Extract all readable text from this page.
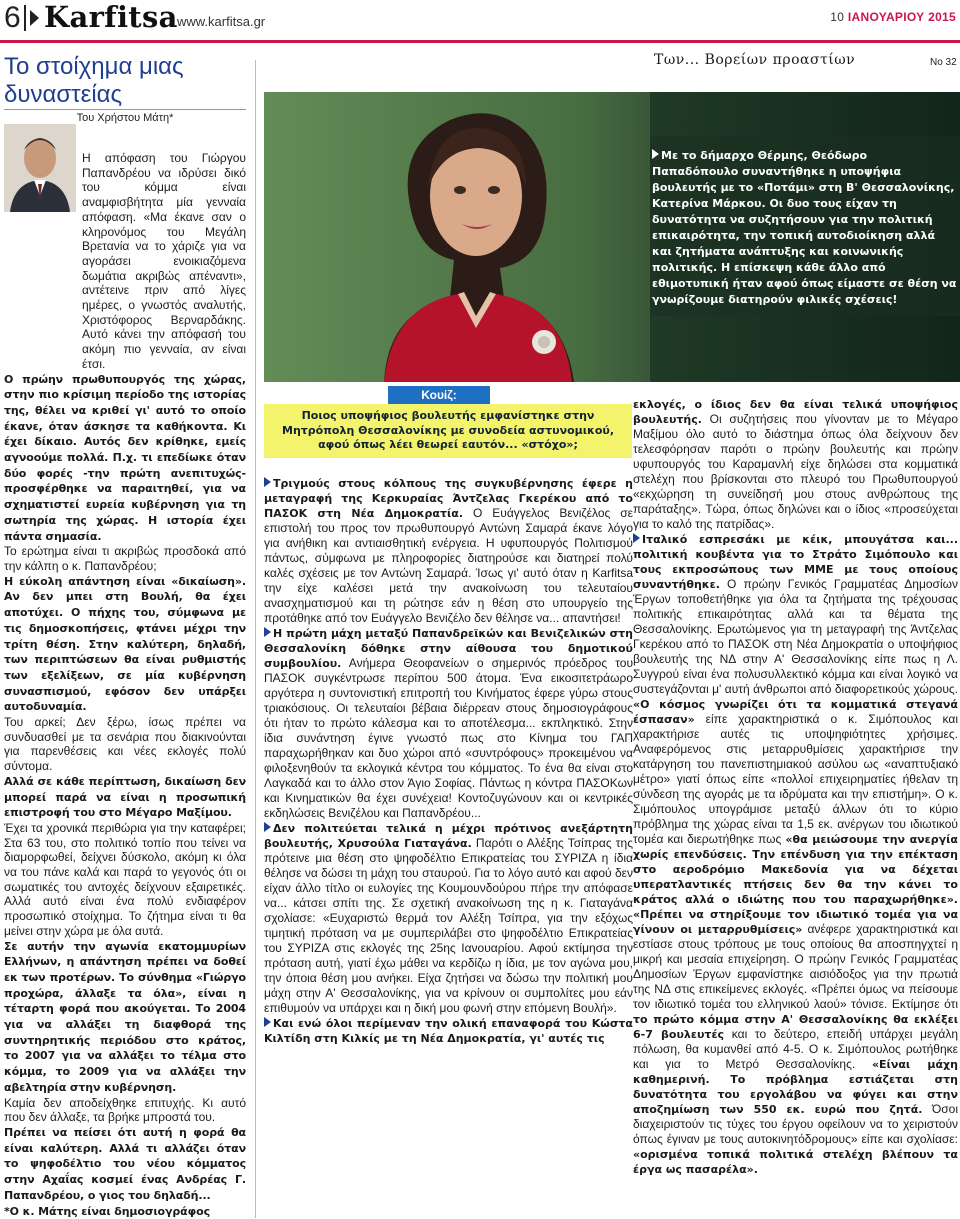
6 Karfitsa www.karfitsa.gr	10 ΙΑΝΟΥΑΡΙΟΥ 2015
Το στοίχημα μιας δυναστείας
Του Χρήστου Μάτη*

Η απόφαση του Γιώργου Παπανδρέου να ιδρύσει δικό του κόμμα είναι αναμφισβήτητα μία γενναία απόφαση. «Μα έκανε σαν ο κληρονόμος του Μεγάλη Βρετανία να το χάριζε για να αγοράσει ενοικιαζόμενα δωμάτια ακριβώς απέναντι», αντέτεινε πριν από λίγες ημέρες, ο γνωστός αναλυτής, Χριστόφορος Βερναρδάκης. Αυτό κάνει την απόφασή του ακόμη πιο γενναία, αν είναι έτσι.

Ο πρώην πρωθυπουργός της χώρας, στην πιο κρίσιμη περίοδο της ιστορίας της, θέλει να κριθεί γι' αυτό το οποίο έκανε, όταν άσκησε τα καθήκοντα. Κι έχει δίκαιο. Αυτός δεν κρίθηκε, εμείς αγνοούμε πολλά. Π.χ. τι επεδίωκε όταν δύο φορές -την πρώτη ανεπιτυχώς- προσφέρθηκε να παραιτηθεί, για να σχηματιστεί ευρεία κυβέρνηση για τη σωτηρία της χώρας. Η ιστορία έχει πάντα σημασία.

Το ερώτημα είναι τι ακριβώς προσδοκά από την κάλπη ο κ. Παπανδρέου;

Η εύκολη απάντηση είναι «δικαίωση». Αν δεν μπει στη Βουλή, θα έχει αποτύχει. Ο πήχης του, σύμφωνα με τις δημοσκοπήσεις, φτάνει μέχρι την τρίτη θέση. Στην καλύτερη, δηλαδή, των περιπτώσεων θα είναι ρυθμιστής των εξελίξεων, σε μία κυβέρνηση συνασπισμού, εφόσον δεν υπάρξει αυτοδυναμία.

Του αρκεί; Δεν ξέρω, ίσως πρέπει να συνδυασθεί με τα σενάρια που διακινούνται για παρενθέσεις και νέες εκλογές πολύ σύντομα.

Αλλά σε κάθε περίπτωση, δικαίωση δεν μπορεί παρά να είναι η προσωπική επιστροφή του στο Μέγαρο Μαξίμου.

Έχει τα χρονικά περιθώρια για την καταφέρει; Στα 63 του, στο πολιτικό τοπίο που τείνει να διαμορφωθεί, δείχνει δύσκολο, ακόμη κι όλα να του πάνε καλά και παρά το γεγονός ότι οι σωματικές του αντοχές δείχνουν εξαιρετικές. Αλλά αυτό είναι ένα πολύ ενδιαφέρον προσωπικό στοίχημα. Το ζήτημα είναι τι θα μείνει στην χώρα με όλα αυτά.

Σε αυτήν την αγωνία εκατομμυρίων Ελλήνων, η απάντηση πρέπει να δοθεί εκ των προτέρων. Το σύνθημα «Γιώργο προχώρα, άλλαξε τα όλα», είναι η τέταρτη φορά που ακούγεται. Το 2004 για να αλλάξει τη διαφθορά της συντηρητικής περιόδου στο κράτος, το 2007 για να αλλάξει το τέλμα στο κόμμα, το 2009 για να αλλάξει την αβελτηρία στην κυβέρνηση.

Καμία δεν αποδείχθηκε επιτυχής. Κι αυτό που δεν άλλαξε, τα βρήκε μπροστά του.

Πρέπει να πείσει ότι αυτή η φορά θα είναι καλύτερη. Αλλά τι αλλάζει όταν το ψηφοδέλτιο του νέου κόμματος στην Αχαΐας κοσμεί ένας Ανδρέας Γ. Παπανδρέου, ο γιος του δηλαδή...

*Ο κ. Μάτης είναι δημοσιογράφος

Των... Βορείων προαστίων	Νο 32
Με το δήμαρχο Θέρμης, Θεόδωρο Παπαδόπουλο συναντήθηκε η υποψήφια βουλευτής με το «Ποτάμι» στη Β' Θεσσαλονίκης, Κατερίνα Μάρκου. Οι δυο τους είχαν τη δυνατότητα να συζητήσουν για την πολιτική επικαιρότητα, την τοπική αυτοδιοίκηση αλλά και ζητήματα ανάπτυξης και κοινωνικής πολιτικής. Η επίσκεψη κάθε άλλο από εθιμοτυπική ήταν αφού όπως είμαστε σε θέση να γνωρίζουμε διατηρούν φιλικές σχέσεις!
Κουίζ:
Ποιος υποψήφιος βουλευτής εμφανίστηκε στην Μητρόπολη Θεσσαλονίκης με συνοδεία αστυνομικού, αφού όπως λέει θεωρεί εαυτόν... «στόχο»;

Τριγμούς στους κόλπους της συγκυβέρνησης έφερε η μεταγραφή της Κερκυραίας Άντζελας Γκερέκου από το ΠΑΣΟΚ στη Νέα Δημοκρατία. Ο Ευάγγελος Βενιζέλος σε επιστολή του προς τον πρωθυπουργό Αντώνη Σαμαρά έκανε λόγο για ανήθικη και αντιαισθητική ενέργεια. Η υφυπουργός Πολιτισμού πάντως, σύμφωνα με πληροφορίες διατηρούσε και διατηρεί πολύ καλές σχέσεις με τον Αντώνη Σαμαρά. Ίσως γι' αυτό όταν η Karfitsa την είχε καλέσει μετά την ανακοίνωση του τελευταίου ανασχηματισμού και τη ρώτησε εάν η θέση στο υπουργείο της προτάθηκε από τον Ευάγγελο Βενιζέλο δεν θέλησε να... απαντήσει!

Η πρώτη μάχη μεταξύ Παπανδρεϊκών και Βενιζελικών στη Θεσσαλονίκη δόθηκε στην αίθουσα του δημοτικού συμβουλίου. Ανήμερα Θεοφανείων ο σημερινός πρόεδρος του ΠΑΣΟΚ συγκέντρωσε περίπου 500 άτομα. Ένα εικοσιτετράωρο αργότερα η συντονιστική επιτροπή του Κινήματος έφερε γύρω στους τριακόσιους. Οι τελευταίοι βέβαια διέρρεαν στους δημοσιογράφους ότι ήταν το πρώτο κάλεσμα και το αποτέλεσμα... εκπληκτικό. Στην ίδια συνάντηση έγινε γνωστό πως στο Κίνημα του ΓΑΠ παραχωρήθηκαν και δυο χώροι από «συντρόφους» προκειμένου να φιλοξενηθούν τα εκλογικά κέντρα του κόμματος. Το ένα θα είναι στο Λαγκαδά και το άλλο στον Άγιο Σοφίας. Πάντως η κόντρα ΠΑΣΟΚων και Κινηματικών θα έχει συνέχεια! Κοντοζυγώνουν και οι κεντρικές εκδηλώσεις Βενιζέλου και Παπανδρέου...

Δεν πολιτεύεται τελικά η μέχρι πρότινος ανεξάρτητη βουλευτής, Χρυσούλα Γιαταγάνα. Παρότι ο Αλέξης Τσίπρας της πρότεινε μια θέση στο ψηφοδέλτιο Επικρατείας του ΣΥΡΙΖΑ η ίδια θέλησε να δώσει τη μάχη του σταυρού. Για το λόγο αυτό και αφού δεν είχαν άλλο τίτλο οι ευλογίες της Κουμουνδούρου πήρε την απόφασε να... κάτσει σπίτι της. Σε σχετική ανακοίνωση της η κ. Γιαταγάνα σχολίασε: «Ευχαριστώ θερμά τον Αλέξη Τσίπρα, για την εξόχως τιμητική πρόταση να με συμπεριλάβει στο ψηφοδέλτιο Επικρατείας του ΣΥΡΙΖΑ στις εκλογές της 25ης Ιανουαρίου. Αφού εκτίμησα την πρόταση αυτή, γιατί έχω μάθει να κερδίζω η ίδια, με τον αγώνα μου, την όποια θέση μου ανήκει. Είχα ζητήσει να δώσω την πολιτική μου μάχη στην Α' Θεσσαλονίκης, για να κρίνουν οι συμπολίτες μου εάν επιθυμούν να υπάρχει και η δική μου φωνή στην επόμενη Βουλή».

Και ενώ όλοι περίμεναν την ολική επαναφορά του Κώστα Κιλτίδη στη Κιλκίς με τη Νέα Δημοκρατία, γι' αυτές τις

εκλογές, ο ίδιος δεν θα είναι τελικά υποψήφιος βουλευτής. Οι συζητήσεις που γίνονταν με το Μέγαρο Μαξίμου όλο αυτό το διάστημα όπως όλα δείχνουν δεν τελεσφόρησαν παρότι ο πρώην βουλευτής και πρώην υφυπουργός του Καραμανλή είχε δηλώσει στα κομματικά στελέχη που βρίσκονται στο πλευρό του Πρωθυπουργού «εκχώρηση τη συνείδησή μου στους ανθρώπους της παράταξης». Τώρα, όπως δηλώνει και ο ίδιος «προσεύχεται για το καλό της πατρίδας».

Ιταλικό εσπρεσάκι με κέικ, μπουγάτσα και... πολιτική κουβέντα για το Στράτο Σιμόπουλο και τους εκπροσώπους των ΜΜΕ με τους οποίους συναντήθηκε. Ο πρώην Γενικός Γραμματέας Δημοσίων Έργων τοποθετήθηκε για όλα τα ζητήματα της τρέχουσας πολιτικής επικαιρότητας αλλά και τα θέματα της Θεσσαλονίκης. Ερωτώμενος για τη μεταγραφή της Άντζελας Γκερέκου από το ΠΑΣΟΚ στη Νέα Δημοκρατία ο υποψήφιος βουλευτής της ΝΔ στην Α' Θεσσαλονίκης είπε πως η Λ. Συγγρού είναι ένα πολυσυλλεκτικό κόμμα και είναι λογικό να συστεγάζονται μ' αυτή άνθρωποι από διαφορετικούς χώρους. «Ο κόσμος γνωρίζει ότι τα κομματικά στεγανά έσπασαν» είπε χαρακτηριστικά ο κ. Σιμόπουλος και χαρακτήρισε αυτές τις υποψηφιότητες χρήσιμες. Αναφερόμενος στις μεταρρυθμίσεις χαρακτήρισε την κατάργηση του πανεπιστημιακού ασύλου ως «αναπτυξιακό μέτρο» γιατί όπως είπε «πολλοί επιχειρηματίες ήθελαν τη σύνδεση της αγοράς με τα ιδρύματα και την επιστήμη». Ο κ. Σιμόπουλος υπογράμισε μεταξύ άλλων ότι το κύριο πρόβλημα της χώρας είναι τα 1,5 εκ. ανέργων του ιδιωτικού τομέα και διερωτήθηκε πως «θα μειώσουμε την ανεργία χωρίς επενδύσεις. Την επένδυση για την επέκταση στο αεροδρόμιο Μακεδονία για να δέχεται υπερατλαντικές πτήσεις δεν θα την κάνει το κράτος αλλά ο ιδιώτης που του παραχωρήθηκε». «Πρέπει να στηρίξουμε τον ιδιωτικό τομέα για να γίνουν οι μεταρρυθμίσεις» ανέφερε χαρακτηριστικά και εστίασε στους τρόπους με τους οποίους θα αποσπηγχτεί η μικρή και μεσαία επιχείρηση. Ο πρώην Γενικός Γραμματέας Δημοσίων Έργων εμφανίστηκε αισιόδοξος για την πρωτιά της ΝΔ στις επικείμενες εκλογές. «Πρέπει όμως να πείσουμε τον ιδιωτικό τομέα του ελληνικού λαού» τόνισε. Εκτίμησε ότι το πρώτο κόμμα στην Α' Θεσσαλονίκης θα εκλέξει 6-7 βουλευτές και το δεύτερο, επειδή υπάρχει μεγάλη πόλωση, θα κυμανθεί από 4-5. Ο κ. Σιμόπουλος ρωτήθηκε και για το Μετρό Θεσσαλονίκης. «Είναι μάχη καθημερινή. Το πρόβλημα εστιάζεται στη δυνατότητα του εργολάβου να φύγει και στην αποζημίωση των 550 εκ. ευρώ που ζητά. Όσοι διαχειριστούν τις τύχες του έργου οφείλουν να το χειριστούν όπως έγιναν με τους αυτοκινητόδρομους» είπε και σχολίασε: «ορισμένα τοπικά πολιτικά στελέχη βλέπουν τα έργα ως πασαρέλα».
